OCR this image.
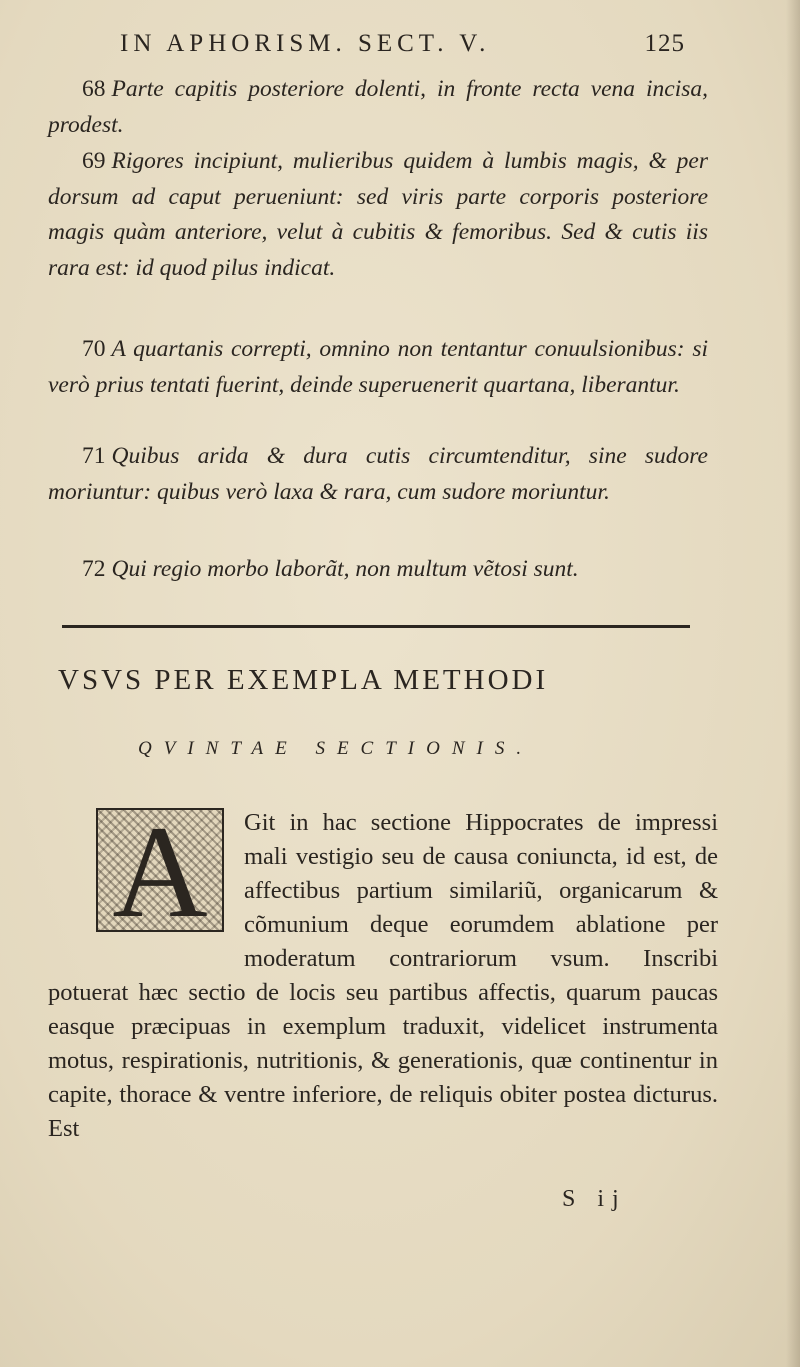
IN APHORISM. SECT. V.	125

68 Parte capitis posteriore dolenti, in fronte recta vena incisa, prodest.

69 Rigores incipiunt, mulieribus quidem à lumbis magis, & per dorsum ad caput perueniunt: sed viris parte corporis posteriore magis quàm anteriore, velut à cubitis & femoribus. Sed & cutis iis rara est: id quod pilus indicat.

70 A quartanis correpti, omnino non tentantur conuulsionibus: si verò prius tentati fuerint, deinde superuenerit quartana, liberantur.

71 Quibus arida & dura cutis circumtenditur, sine sudore moriuntur: quibus verò laxa & rara, cum sudore moriuntur.

72 Qui regio morbo laborãt, non multum vẽtosi sunt.

VSVS PER EXEMPLA METHODI
QVINTAE SECTIONIS.
Git in hac sectione Hippocrates de impressi mali vestigio seu de causa coniuncta, id est, de affectibus partium similariũ, organicarum & cõmunium deque eorumdem ablatione per moderatum contrariorum vsum. Inscribi potuerat hæc sectio de locis seu partibus affectis, quarum paucas easque præcipuas in exemplum traduxit, videlicet instrumenta motus, respirationis, nutritionis, & generationis, quæ continentur in capite, thorace & ventre inferiore, de reliquis obiter postea dicturus. Est
A
S ij
